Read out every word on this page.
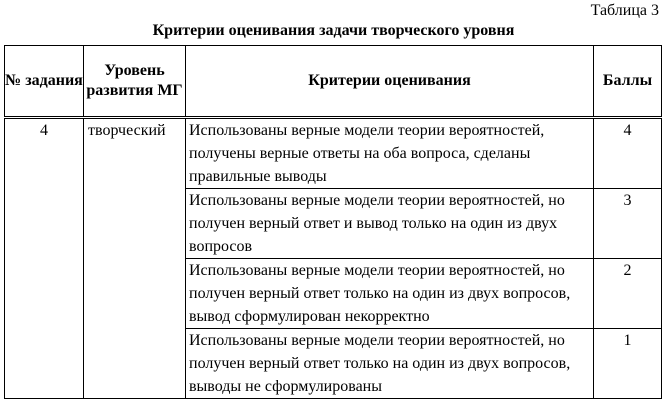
Таблица 3
Критерии оценивания задачи творческого уровня
№ задания	Уровень развития МГ	Критерии оценивания	Баллы
4	творческий	Использованы верные модели теории вероятностей, получены верные ответы на оба вопроса, сделаны правильные выводы	4
		Использованы верные модели теории вероятностей, но получен верный ответ и вывод только на один из двух вопросов	3
		Использованы верные модели теории вероятностей, но получен верный ответ только на один из двух вопросов, вывод сформулирован некорректно	2
		Использованы верные модели теории вероятностей, но получен верный ответ только на один из двух вопросов, выводы не сформулированы	1
